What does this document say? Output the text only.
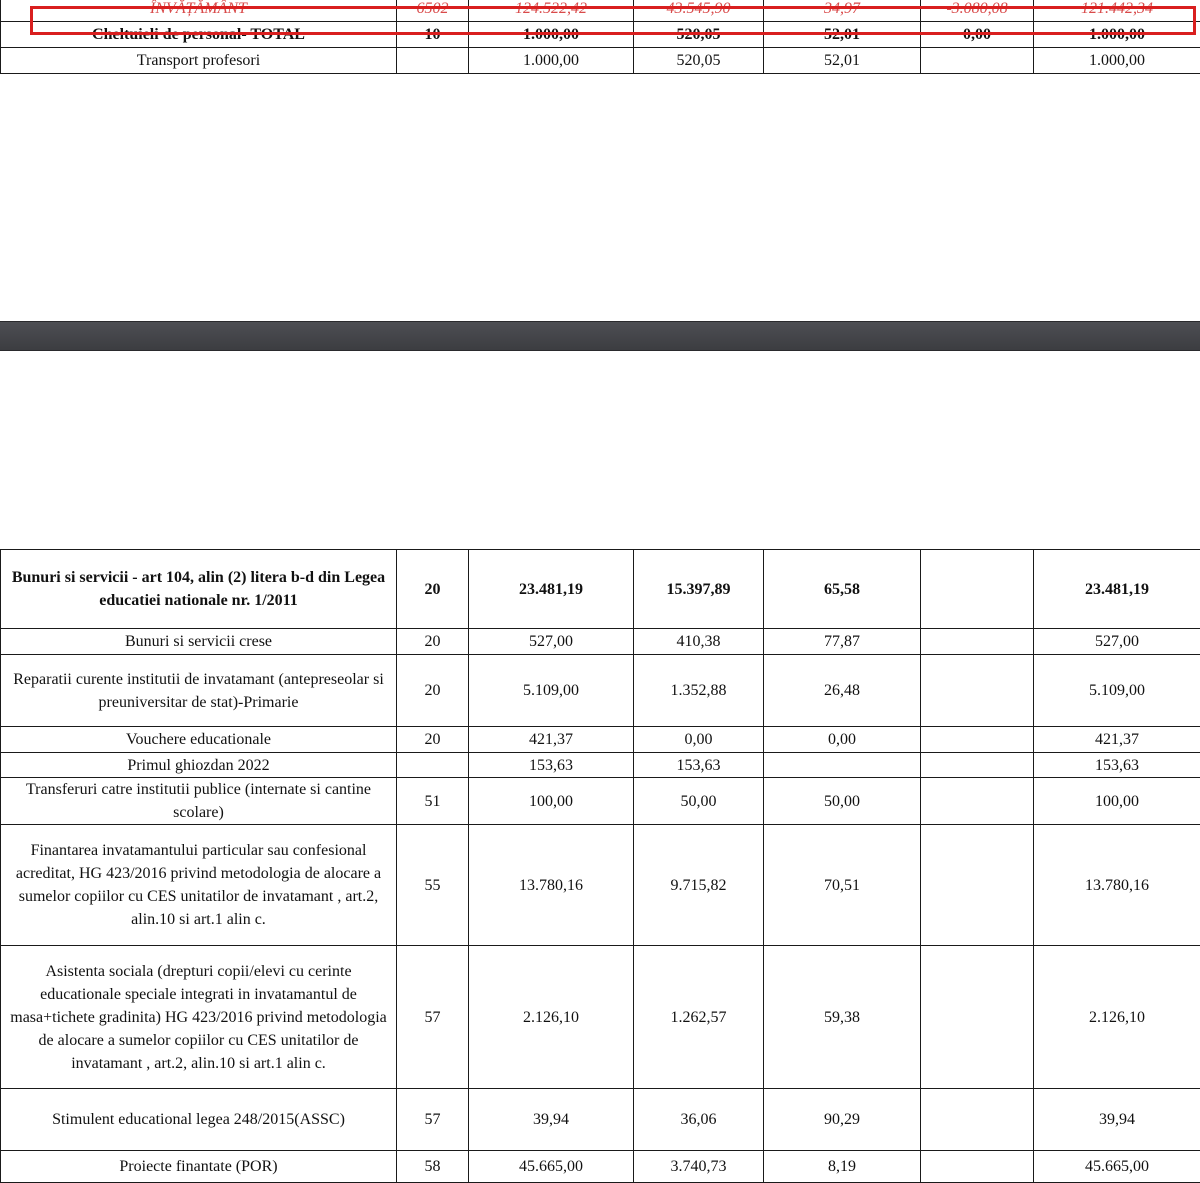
ÎNVĂȚĂMÂNT	6502	124.522,42	43.545,90	34,97	-3.080,08	121.442,34
Cheltuieli de personal- TOTAL	10	1.000,00	520,05	52,01	0,00	1.000,00
Transport profesori		1.000,00	520,05	52,01		1.000,00
Bunuri si servicii - art 104, alin (2) litera b-d din Legea educatiei nationale nr. 1/2011	20	23.481,19	15.397,89	65,58		23.481,19
Bunuri si servicii crese	20	527,00	410,38	77,87		527,00
Reparatii curente institutii de invatamant (antepreseolar si preuniversitar de stat)-Primarie	20	5.109,00	1.352,88	26,48		5.109,00
Vouchere educationale	20	421,37	0,00	0,00		421,37
Primul ghiozdan 2022		153,63	153,63			153,63
Transferuri catre institutii publice (internate si cantine scolare)	51	100,00	50,00	50,00		100,00
Finantarea invatamantului particular sau confesional acreditat, HG 423/2016 privind metodologia de alocare a sumelor copiilor cu CES unitatilor de invatamant , art.2, alin.10 si art.1 alin c.	55	13.780,16	9.715,82	70,51		13.780,16
Asistenta sociala (drepturi copii/elevi cu cerinte educationale speciale integrati in invatamantul de masa+tichete gradinita) HG 423/2016 privind metodologia de alocare a sumelor copiilor cu CES unitatilor de invatamant , art.2, alin.10 si art.1 alin c.	57	2.126,10	1.262,57	59,38		2.126,10
Stimulent educational legea 248/2015(ASSC)	57	39,94	36,06	90,29		39,94
Proiecte finantate (POR)	58	45.665,00	3.740,73	8,19		45.665,00
